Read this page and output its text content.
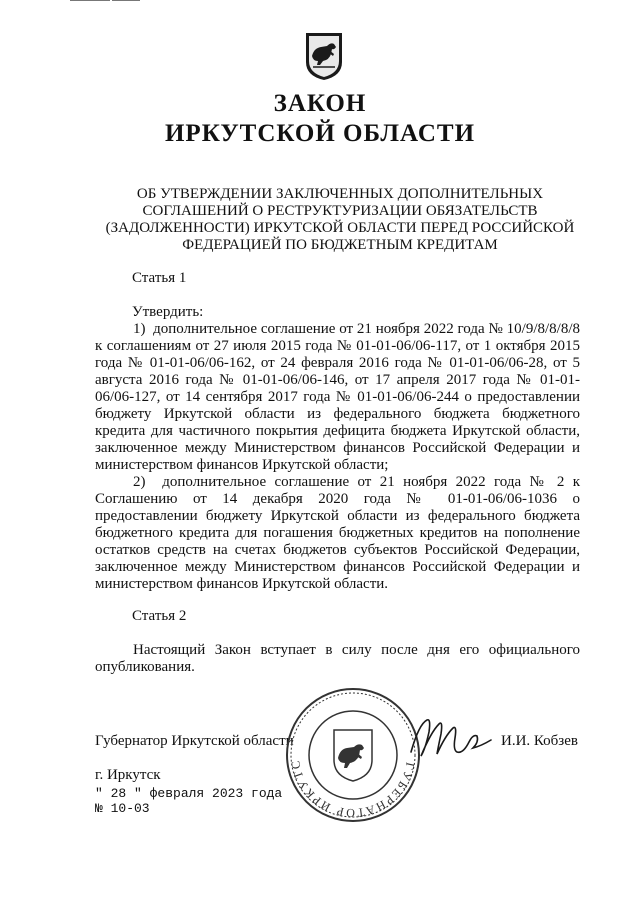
ЗАКОН
ИРКУТСКОЙ ОБЛАСТИ
ОБ УТВЕРЖДЕНИИ ЗАКЛЮЧЕННЫХ ДОПОЛНИТЕЛЬНЫХ СОГЛАШЕНИЙ О РЕСТРУКТУРИЗАЦИИ ОБЯЗАТЕЛЬСТВ (ЗАДОЛЖЕННОСТИ) ИРКУТСКОЙ ОБЛАСТИ ПЕРЕД РОССИЙСКОЙ ФЕДЕРАЦИЕЙ ПО БЮДЖЕТНЫМ КРЕДИТАМ
Статья 1
Утвердить:
1)  дополнительное соглашение от 21 ноября 2022 года № 10/9/8/8/8/8 к соглашениям от 27 июля 2015 года № 01-01-06/06-117, от 1 октября 2015 года № 01-01-06/06-162, от 24 февраля 2016 года № 01-01-06/06-28, от 5 августа 2016 года № 01-01-06/06-146, от 17 апреля 2017 года № 01-01-06/06-127, от 14 сентября 2017 года № 01-01-06/06-244 о предоставлении бюджету Иркутской области из федерального бюджета бюджетного кредита для частичного покрытия дефицита бюджета Иркутской области, заключенное между Министерством финансов Российской Федерации и министерством финансов Иркутской области;
2)  дополнительное соглашение от 21 ноября 2022 года № 2 к Соглашению от 14 декабря 2020 года № 01-01-06/06-1036 о предоставлении бюджету Иркутской области из федерального бюджета бюджетного кредита для погашения бюджетных кредитов на пополнение остатков средств на счетах бюджетов субъектов Российской Федерации, заключенное между Министерством финансов Российской Федерации и министерством финансов Иркутской области.
Статья 2
Настоящий Закон вступает в силу после дня его официального опубликования.
Губернатор Иркутской области	И.И. Кобзев
ГУБЕРНАТОР ИРКУТС
г. Иркутск
" 28 " февраля 2023 года
№ 10-03
